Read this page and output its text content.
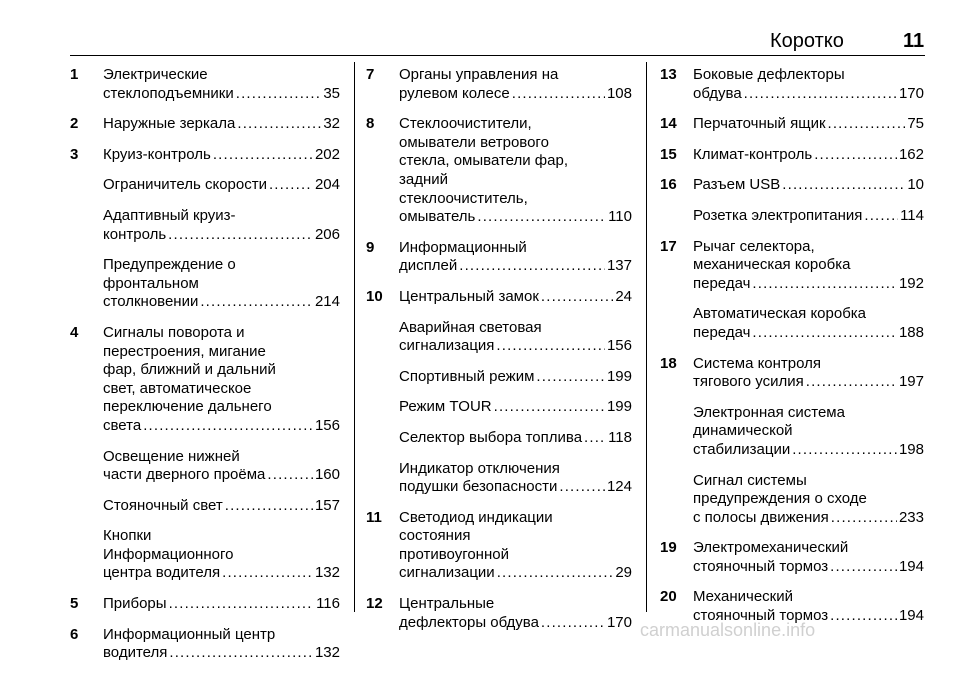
Коротко	11
1 Электрические
стеклоподъемники . . .	35
2 Наружные зеркала . . .	32
3 Круиз-контроль . . .	202
Ограничитель скорости . . .	204
Адаптивный круиз-
контроль . . .	206
Предупреждение о
фронтальном
столкновении . . .	214
4 Сигналы поворота и
перестроения, мигание
фар, ближний и дальний
свет, автоматическое
переключение дальнего
света . . .	156
Освещение нижней
части дверного проёма . . .	160
Стояночный свет . . .	157
Кнопки
Информационного
центра водителя . . .	132
5 Приборы . . .	116
6 Информационный центр
водителя . . .	132
7 Органы управления на
рулевом колесе . . .	108
8 Стеклоочистители,
омыватели ветрового
стекла, омыватели фар,
задний
стеклоочиститель,
омыватель . . .	110
9 Информационный
дисплей . . .	137
10 Центральный замок . . .	24
Аварийная световая
сигнализация . . .	156
Спортивный режим . . .	199
Режим TOUR . . .	199
Селектор выбора топлива . . . 118
Индикатор отключения
подушки безопасности . . .	124
11 Светодиод индикации
состояния
противоугонной
сигнализации . . .	29
12 Центральные
дефлекторы обдува . . .	170
13 Боковые дефлекторы
обдува . . .	170
14 Перчаточный ящик . . .	75
15 Климат-контроль . . .	162
16 Разъем USB . . .	10
Розетка электропитания . . .	114
17 Рычаг селектора,
механическая коробка
передач . . .	192
Автоматическая коробка
передач . . .	188
18 Система контроля
тягового усилия . . .	197
Электронная система
динамической
стабилизации . . .	198
Сигнал системы
предупреждения о сходе
с полосы движения . . .	233
19 Электромеханический
стояночный тормоз . . .	194
20 Механический
стояночный тормоз . . .	194
carmanualsonline.info
